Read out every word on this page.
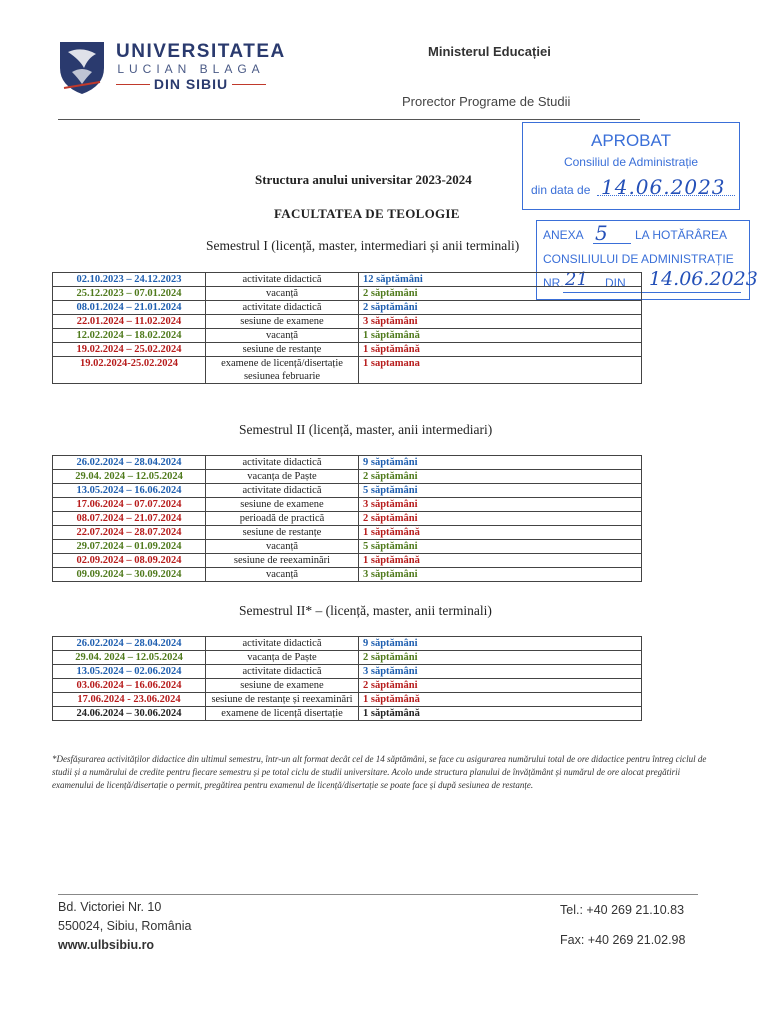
UNIVERSITATEA
LUCIAN BLAGA
DIN SIBIU
Ministerul Educației
Prorector Programe de Studii
APROBAT
Consiliul de Administrație
din data de 14.06.2023
ANEXA 5 LA HOTĂRÂREA
CONSILIULUI DE ADMINISTRAȚIE
NR. 21 DIN 14.06.2023
Structura anului universitar 2023-2024
FACULTATEA DE TEOLOGIE
Semestrul I (licență, master, intermediari și anii terminali)
02.10.2023 – 24.12.2023	activitate didactică	12 săptămâni
25.12.2023 – 07.01.2024	vacanță	2 săptămâni
08.01.2024 – 21.01.2024	activitate didactică	2 săptămâni
22.01.2024 – 11.02.2024	sesiune de examene	3 săptămâni
12.02.2024 – 18.02.2024	vacanță	1 săptămână
19.02.2024 – 25.02.2024	sesiune de restanțe	1 săptămână
19.02.2024-25.02.2024	examene de licență/disertație sesiunea februarie	1 saptamana
Semestrul II (licență, master, anii intermediari)
26.02.2024 – 28.04.2024	activitate didactică	9 săptămâni
29.04. 2024 – 12.05.2024	vacanța de Paște	2 săptămâni
13.05.2024 – 16.06.2024	activitate didactică	5 săptămâni
17.06.2024 – 07.07.2024	sesiune de examene	3 săptămâni
08.07.2024 – 21.07.2024	perioadă de practică	2 săptămâni
22.07.2024 – 28.07.2024	sesiune de restanțe	1 săptămână
29.07.2024 – 01.09.2024	vacanță	5 săptămâni
02.09.2024 – 08.09.2024	sesiune de reexaminări	1 săptămână
09.09.2024 – 30.09.2024	vacanță	3 săptămâni
Semestrul II* – (licență, master, anii terminali)
26.02.2024 – 28.04.2024	activitate didactică	9 săptămâni
29.04. 2024 – 12.05.2024	vacanța de Paște	2 săptămâni
13.05.2024 – 02.06.2024	activitate didactică	3 săptămâni
03.06.2024 – 16.06.2024	sesiune de examene	2 săptămâni
17.06.2024 - 23.06.2024	sesiune de restanțe și reexaminări	1 săptămână
24.06.2024 – 30.06.2024	examene de licență disertație	1 săptămână
*Desfășurarea activităților didactice din ultimul semestru, într-un alt format decât cel de 14 săptămâni, se face cu asigurarea numărului total de ore didactice pentru întreg ciclul de studii și a numărului de credite pentru fiecare semestru și pe total ciclu de studii universitare. Acolo unde structura planului de învățământ și numărul de ore alocat pregătirii examenului de licență/disertație o permit, pregătirea pentru examenul de licență/disertație se poate face și după sesiunea de restanțe.
Bd. Victoriei Nr. 10
550024, Sibiu, România
www.ulbsibiu.ro
Tel.: +40 269 21.10.83
Fax: +40 269 21.02.98
